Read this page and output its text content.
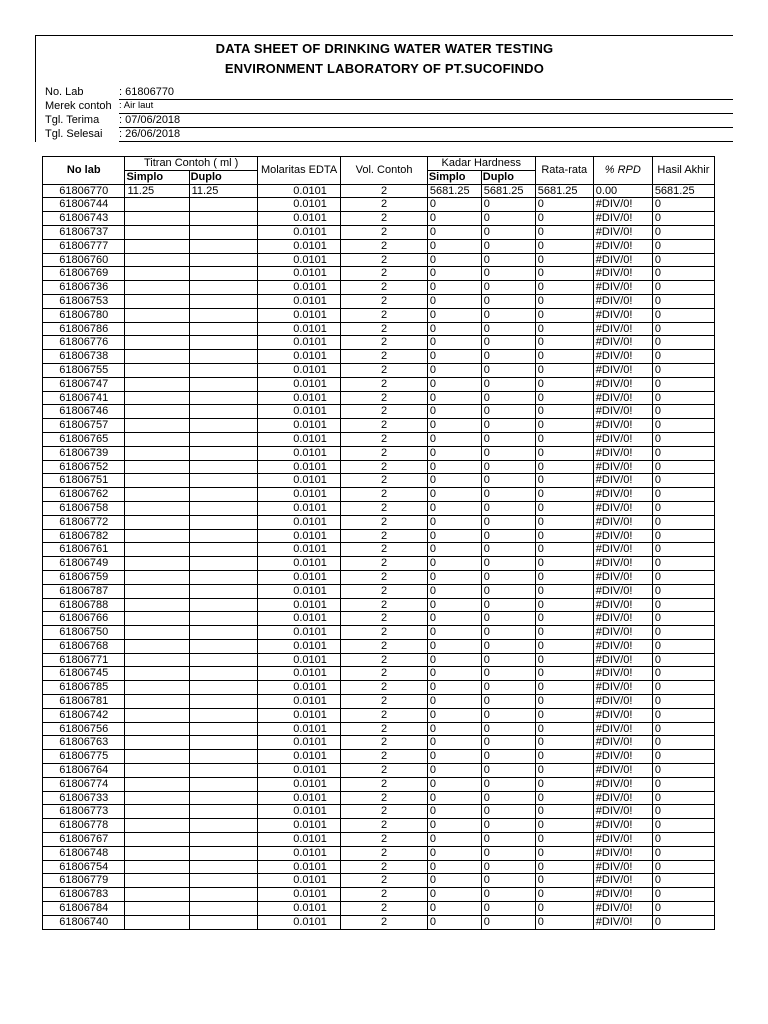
DATA SHEET OF DRINKING WATER WATER TESTING
ENVIRONMENT LABORATORY OF PT.SUCOFINDO
No. Lab	: 61806770
Merek contoh : Air laut
Tgl. Terima : 07/06/2018
Tgl. Selesai : 26/06/2018
No lab	Titran Contoh ( ml )		Molaritas EDTA	Vol. Contoh	Kadar Hardness		Rata-rata	% RPD	Hasil Akhir
	Simplo	Duplo			Simplo	Duplo			
61806770	11.25	11.25	0.0101	2	5681.25	5681.25	5681.25	0.00	5681.25
61806744			0.0101	2	0	0	0	#DIV/0!	0
61806743			0.0101	2	0	0	0	#DIV/0!	0
61806737			0.0101	2	0	0	0	#DIV/0!	0
61806777			0.0101	2	0	0	0	#DIV/0!	0
61806760			0.0101	2	0	0	0	#DIV/0!	0
61806769			0.0101	2	0	0	0	#DIV/0!	0
61806736			0.0101	2	0	0	0	#DIV/0!	0
61806753			0.0101	2	0	0	0	#DIV/0!	0
61806780			0.0101	2	0	0	0	#DIV/0!	0
61806786			0.0101	2	0	0	0	#DIV/0!	0
61806776			0.0101	2	0	0	0	#DIV/0!	0
61806738			0.0101	2	0	0	0	#DIV/0!	0
61806755			0.0101	2	0	0	0	#DIV/0!	0
61806747			0.0101	2	0	0	0	#DIV/0!	0
61806741			0.0101	2	0	0	0	#DIV/0!	0
61806746			0.0101	2	0	0	0	#DIV/0!	0
61806757			0.0101	2	0	0	0	#DIV/0!	0
61806765			0.0101	2	0	0	0	#DIV/0!	0
61806739			0.0101	2	0	0	0	#DIV/0!	0
61806752			0.0101	2	0	0	0	#DIV/0!	0
61806751			0.0101	2	0	0	0	#DIV/0!	0
61806762			0.0101	2	0	0	0	#DIV/0!	0
61806758			0.0101	2	0	0	0	#DIV/0!	0
61806772			0.0101	2	0	0	0	#DIV/0!	0
61806782			0.0101	2	0	0	0	#DIV/0!	0
61806761			0.0101	2	0	0	0	#DIV/0!	0
61806749			0.0101	2	0	0	0	#DIV/0!	0
61806759			0.0101	2	0	0	0	#DIV/0!	0
61806787			0.0101	2	0	0	0	#DIV/0!	0
61806788			0.0101	2	0	0	0	#DIV/0!	0
61806766			0.0101	2	0	0	0	#DIV/0!	0
61806750			0.0101	2	0	0	0	#DIV/0!	0
61806768			0.0101	2	0	0	0	#DIV/0!	0
61806771			0.0101	2	0	0	0	#DIV/0!	0
61806745			0.0101	2	0	0	0	#DIV/0!	0
61806785			0.0101	2	0	0	0	#DIV/0!	0
61806781			0.0101	2	0	0	0	#DIV/0!	0
61806742			0.0101	2	0	0	0	#DIV/0!	0
61806756			0.0101	2	0	0	0	#DIV/0!	0
61806763			0.0101	2	0	0	0	#DIV/0!	0
61806775			0.0101	2	0	0	0	#DIV/0!	0
61806764			0.0101	2	0	0	0	#DIV/0!	0
61806774			0.0101	2	0	0	0	#DIV/0!	0
61806733			0.0101	2	0	0	0	#DIV/0!	0
61806773			0.0101	2	0	0	0	#DIV/0!	0
61806778			0.0101	2	0	0	0	#DIV/0!	0
61806767			0.0101	2	0	0	0	#DIV/0!	0
61806748			0.0101	2	0	0	0	#DIV/0!	0
61806754			0.0101	2	0	0	0	#DIV/0!	0
61806779			0.0101	2	0	0	0	#DIV/0!	0
61806783			0.0101	2	0	0	0	#DIV/0!	0
61806784			0.0101	2	0	0	0	#DIV/0!	0
61806740			0.0101	2	0	0	0	#DIV/0!	0
